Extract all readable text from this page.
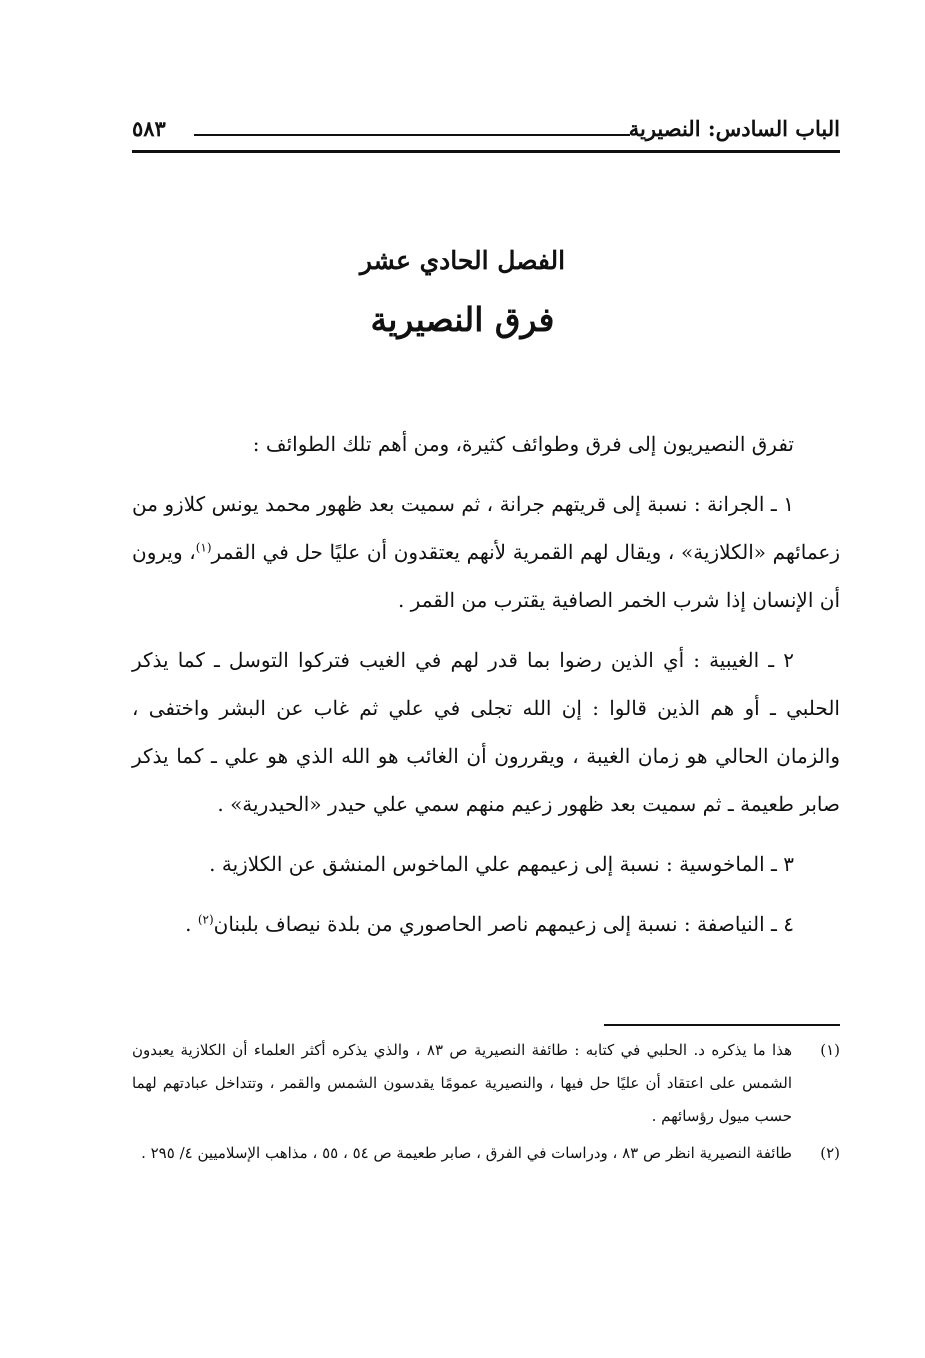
الباب السادس: النصيرية
٥٨٣
الفصل الحادي عشر
فرق النصيرية

تفرق النصيريون إلى فرق وطوائف كثيرة، ومن أهم تلك الطوائف :

١ ـ الجرانة : نسبة إلى قريتهم جرانة ، ثم سميت بعد ظهور محمد يونس كلازو من زعمائهم «الكلازية» ، ويقال لهم القمرية لأنهم يعتقدون أن عليًا حل في القمر$^{(١)}$، ويرون أن الإنسان إذا شرب الخمر الصافية يقترب من القمر .

٢ ـ الغيبية : أي الذين رضوا بما قدر لهم في الغيب فتركوا التوسل ـ كما يذكر الحلبي ـ أو هم الذين قالوا : إن الله تجلى في علي ثم غاب عن البشر واختفى ، والزمان الحالي هو زمان الغيبة ، ويقررون أن الغائب هو الله الذي هو علي ـ كما يذكر صابر طعيمة ـ ثم سميت بعد ظهور زعيم منهم سمي علي حيدر «الحيدرية» .

٣ ـ الماخوسية : نسبة إلى زعيمهم علي الماخوس المنشق عن الكلازية .

٤ ـ النياصفة : نسبة إلى زعيمهم ناصر الحاصوري من بلدة نيصاف بلبنان$^{(٢)}$ .

(١)
هذا ما يذكره د. الحلبي في كتابه : طائفة النصيرية ص ٨٣ ، والذي يذكره أكثر العلماء أن الكلازية يعبدون الشمس على اعتقاد أن عليًا حل فيها ، والنصيرية عمومًا يقدسون الشمس والقمر ، وتتداخل عبادتهم لهما حسب ميول رؤسائهم .
(٢)
طائفة النصيرية انظر ص ٨٣ ، ودراسات في الفرق ، صابر طعيمة ص ٥٤ ، ٥٥ ، مذاهب الإسلاميين ٤/ ٢٩٥ .
